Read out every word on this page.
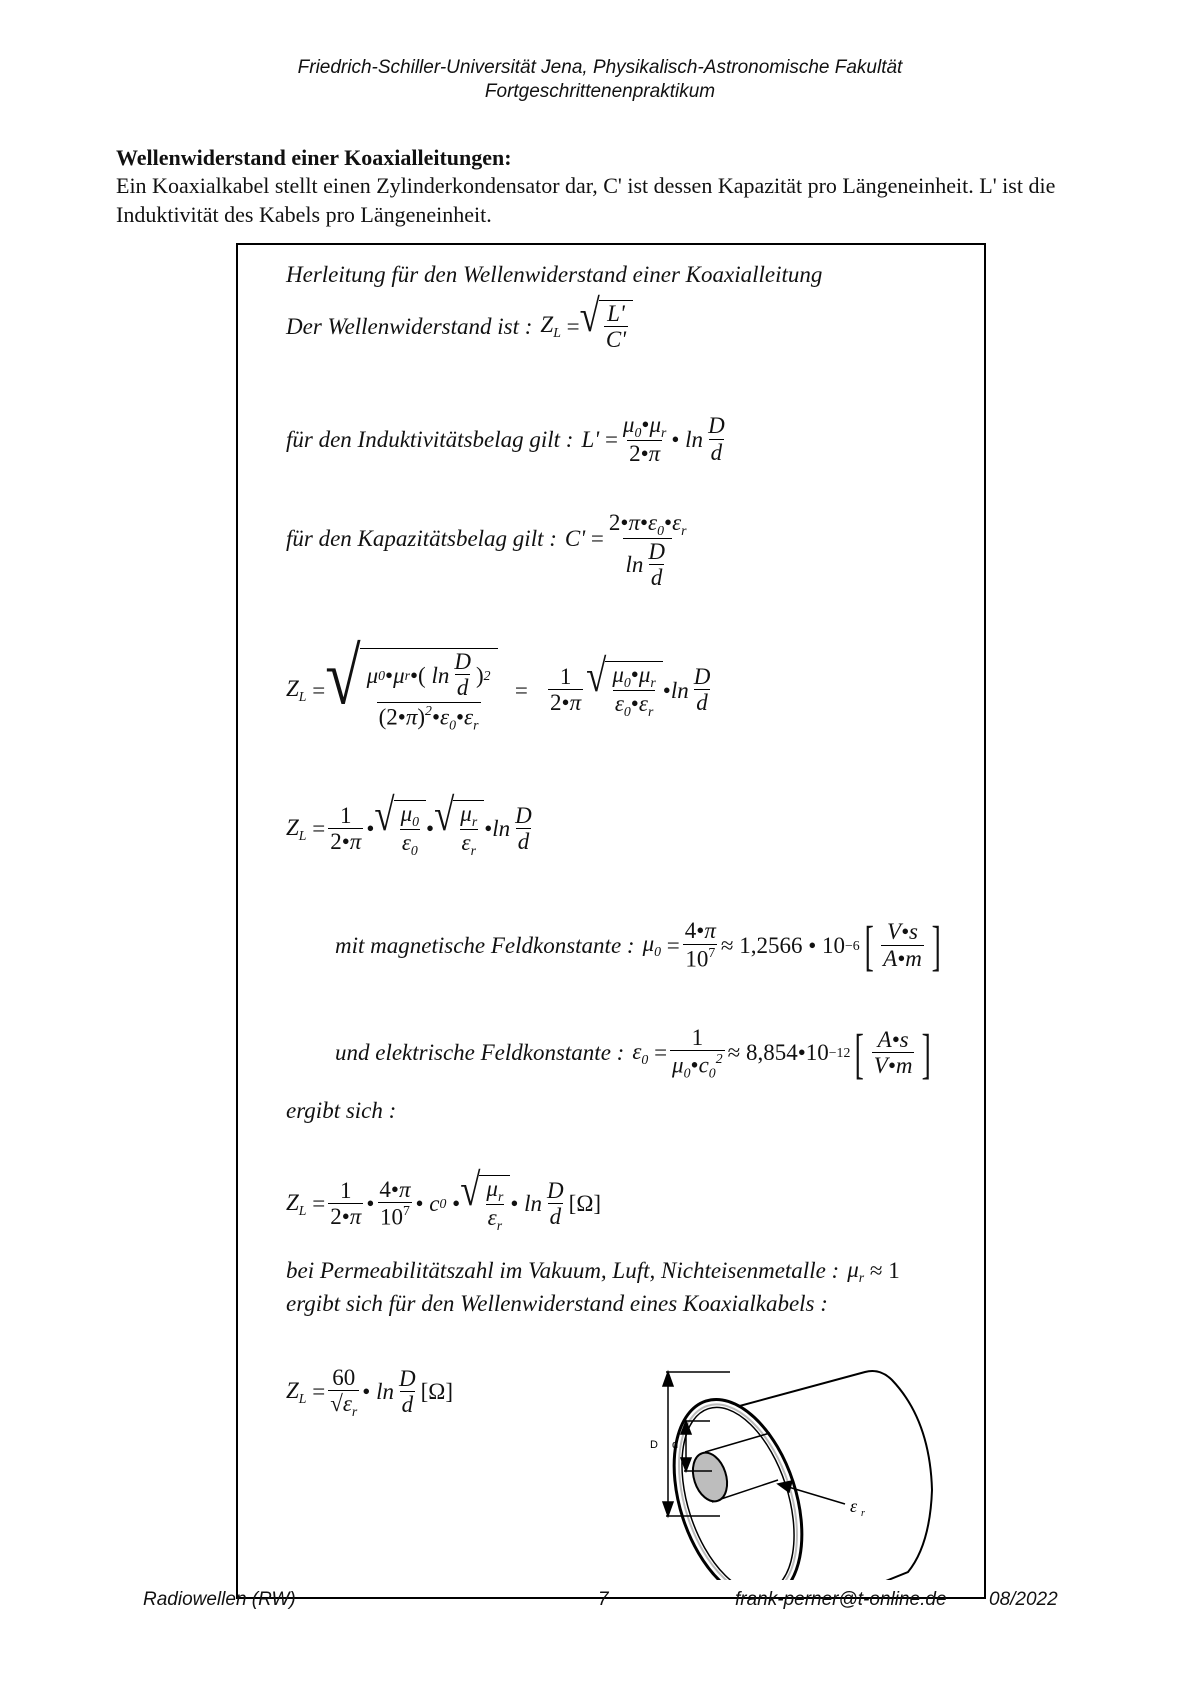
Friedrich-Schiller-Universität Jena, Physikalisch-Astronomische Fakultät
Fortgeschrittenenpraktikum
Wellenwiderstand einer Koaxialleitungen:
Ein Koaxialkabel stellt einen Zylinderkondensator dar, C' ist dessen Kapazität pro Längeneinheit. L' ist die Induktivität des Kabels pro Längeneinheit.
Herleitung für den Wellenwiderstand einer Koaxialleitung
Der Wellenwiderstand ist : $Z_L$ = √ $\frac{L'}{C'}$
für den Induktivitätsbelag gilt : $L' = \frac{\mu_0•\mu_r}{2•\pi}$ • $\ln \frac{D}{d}$
für den Kapazitätsbelag gilt : $C' = \frac{2•\pi•\varepsilon_0•\varepsilon_r}{\ln \frac{D}{d}}$
$Z_L$ = √ $\frac{\mu 0 • \mu r •( \ln \frac{D}{d} ) 2}{(2•\pi)^2•\varepsilon_0•\varepsilon_r} = \frac{1}{2•\pi}$ √ $\frac{\mu_0•\mu_r}{\varepsilon_0•\varepsilon_r}$ • $\ln \frac{D}{d}$
$Z_L = \frac{1}{2•\pi}$ • √ $\frac{\mu_0}{\varepsilon_0}$ • √ $\frac{\mu_r}{\varepsilon_r}$ • $\ln \frac{D}{d}$
mit magnetische Feldkonstante : $\mu_0 = \frac{4•\pi}{10^7} \approx 1,2566$ • 10 −6 [ $\frac{V•s}{A•m}$ ]
und elektrische Feldkonstante : $\varepsilon_0 = \frac{1}{\mu_0•c_0^2}$ ≈ 8,854•10 −12 [ $\frac{A•s}{V•m}$ ]
ergibt sich :
$Z_L = \frac{1}{2•\pi}$ • $\frac{4•\pi}{10^7}$ • c 0 • √ $\frac{\mu_r}{\varepsilon_r}$ • $\ln \frac{D}{d} [\Omega]$
bei Permeabilitätszahl im Vakuum, Luft, Nichteisenmetalle : $\mu_r$
≈ 1
ergibt sich für den Wellenwiderstand eines Koaxialkabels :
$Z_L = \frac{60}{√\varepsilon_r}$ • $\ln \frac{D}{d} [\Omega]$
D d
ε r
Radiowellen (RW)	7	frank-perner@t-online.de 08/2022
